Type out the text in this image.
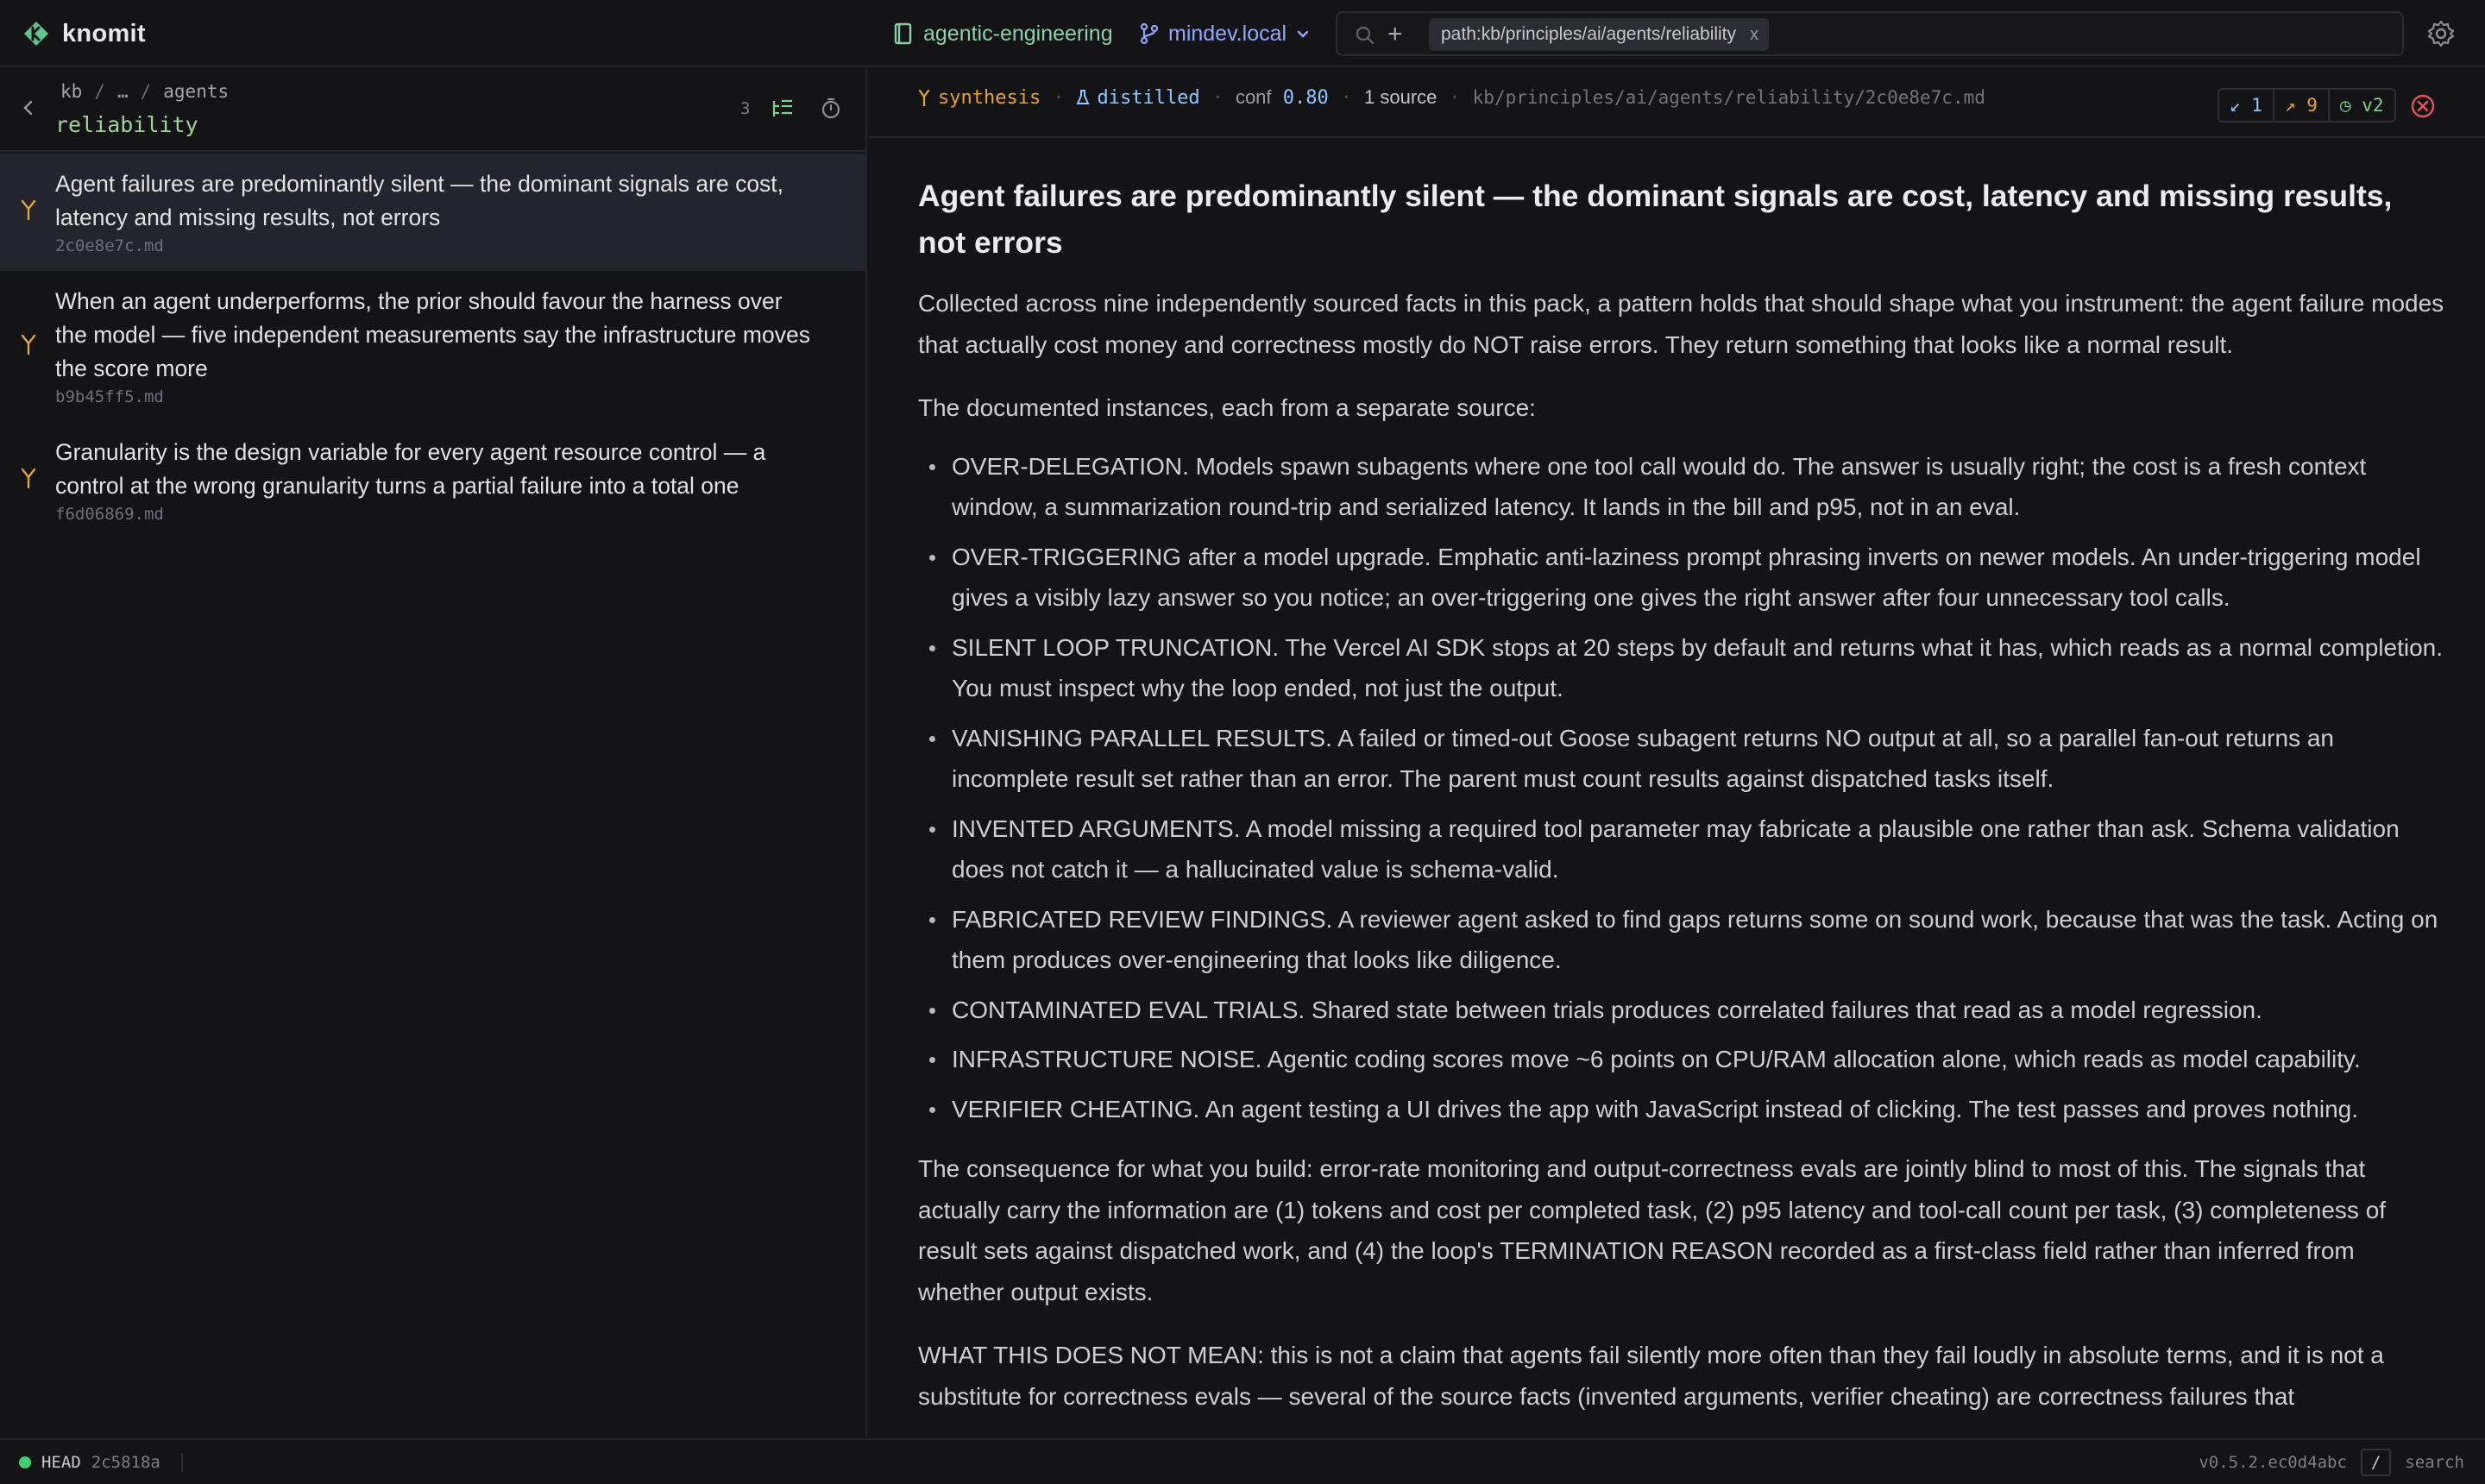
knomit	agentic-engineering	mindev.local	+	path:kb/principles/ai/agents/reliability x
kb / … / agents
reliability
3
Agent failures are predominantly silent — the dominant signals are cost, latency and missing results, not errors
2c0e8e7c.md
When an agent underperforms, the prior should favour the harness over the model — five independent measurements say the infrastructure moves the score more
b9b45ff5.md
Granularity is the design variable for every agent resource control — a control at the wrong granularity turns a partial failure into a total one
f6d06869.md
synthesis · distilled · conf 0.80 · 1 source · kb/principles/ai/agents/reliability/2c0e8e7c.md	↙ 1	↗ 9	◷ v2
Agent failures are predominantly silent — the dominant signals are cost, latency and missing results, not errors

Collected across nine independently sourced facts in this pack, a pattern holds that should shape what you instrument: the agent failure modes that actually cost money and correctness mostly do NOT raise errors. They return something that looks like a normal result.

The documented instances, each from a separate source:

OVER-DELEGATION. Models spawn subagents where one tool call would do. The answer is usually right; the cost is a fresh context window, a summarization round-trip and serialized latency. It lands in the bill and p95, not in an eval.
OVER-TRIGGERING after a model upgrade. Emphatic anti-laziness prompt phrasing inverts on newer models. An under-triggering model gives a visibly lazy answer so you notice; an over-triggering one gives the right answer after four unnecessary tool calls.
SILENT LOOP TRUNCATION. The Vercel AI SDK stops at 20 steps by default and returns what it has, which reads as a normal completion. You must inspect why the loop ended, not just the output.
VANISHING PARALLEL RESULTS. A failed or timed-out Goose subagent returns NO output at all, so a parallel fan-out returns an incomplete result set rather than an error. The parent must count results against dispatched tasks itself.
INVENTED ARGUMENTS. A model missing a required tool parameter may fabricate a plausible one rather than ask. Schema validation does not catch it — a hallucinated value is schema-valid.
FABRICATED REVIEW FINDINGS. A reviewer agent asked to find gaps returns some on sound work, because that was the task. Acting on them produces over-engineering that looks like diligence.
CONTAMINATED EVAL TRIALS. Shared state between trials produces correlated failures that read as a model regression.
INFRASTRUCTURE NOISE. Agentic coding scores move ~6 points on CPU/RAM allocation alone, which reads as model capability.
VERIFIER CHEATING. An agent testing a UI drives the app with JavaScript instead of clicking. The test passes and proves nothing.

The consequence for what you build: error-rate monitoring and output-correctness evals are jointly blind to most of this. The signals that actually carry the information are (1) tokens and cost per completed task, (2) p95 latency and tool-call count per task, (3) completeness of result sets against dispatched work, and (4) the loop's TERMINATION REASON recorded as a first-class field rather than inferred from whether output exists.

WHAT THIS DOES NOT MEAN: this is not a claim that agents fail silently more often than they fail loudly in absolute terms, and it is not a substitute for correctness evals — several of the source facts (invented arguments, verifier cheating) are correctness failures that

HEAD 2c5818a	v0.5.2.ec0d4abc	/	search
